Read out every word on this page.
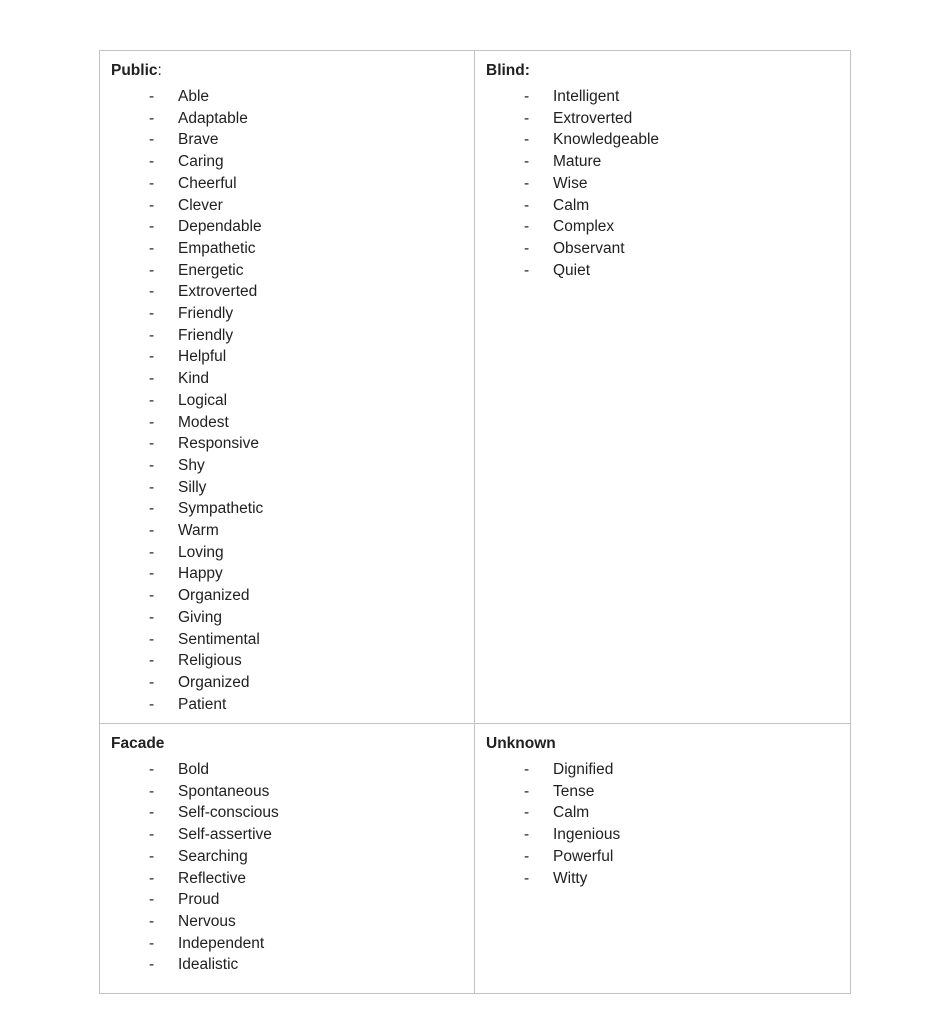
Public:
-	Able
-	Adaptable
-	Brave
-	Caring
-	Cheerful
-	Clever
-	Dependable
-	Empathetic
-	Energetic
-	Extroverted
-	Friendly
-	Friendly
-	Helpful
-	Kind
-	Logical
-	Modest
-	Responsive
-	Shy
-	Silly
-	Sympathetic
-	Warm
-	Loving
-	Happy
-	Organized
-	Giving
-	Sentimental
-	Religious
-	Organized
-	Patient
Blind:
-	Intelligent
-	Extroverted
-	Knowledgeable
-	Mature
-	Wise
-	Calm
-	Complex
-	Observant
-	Quiet
Facade
-	Bold
-	Spontaneous
-	Self-conscious
-	Self-assertive
-	Searching
-	Reflective
-	Proud
-	Nervous
-	Independent
-	Idealistic
Unknown
-	Dignified
-	Tense
-	Calm
-	Ingenious
-	Powerful
-	Witty
